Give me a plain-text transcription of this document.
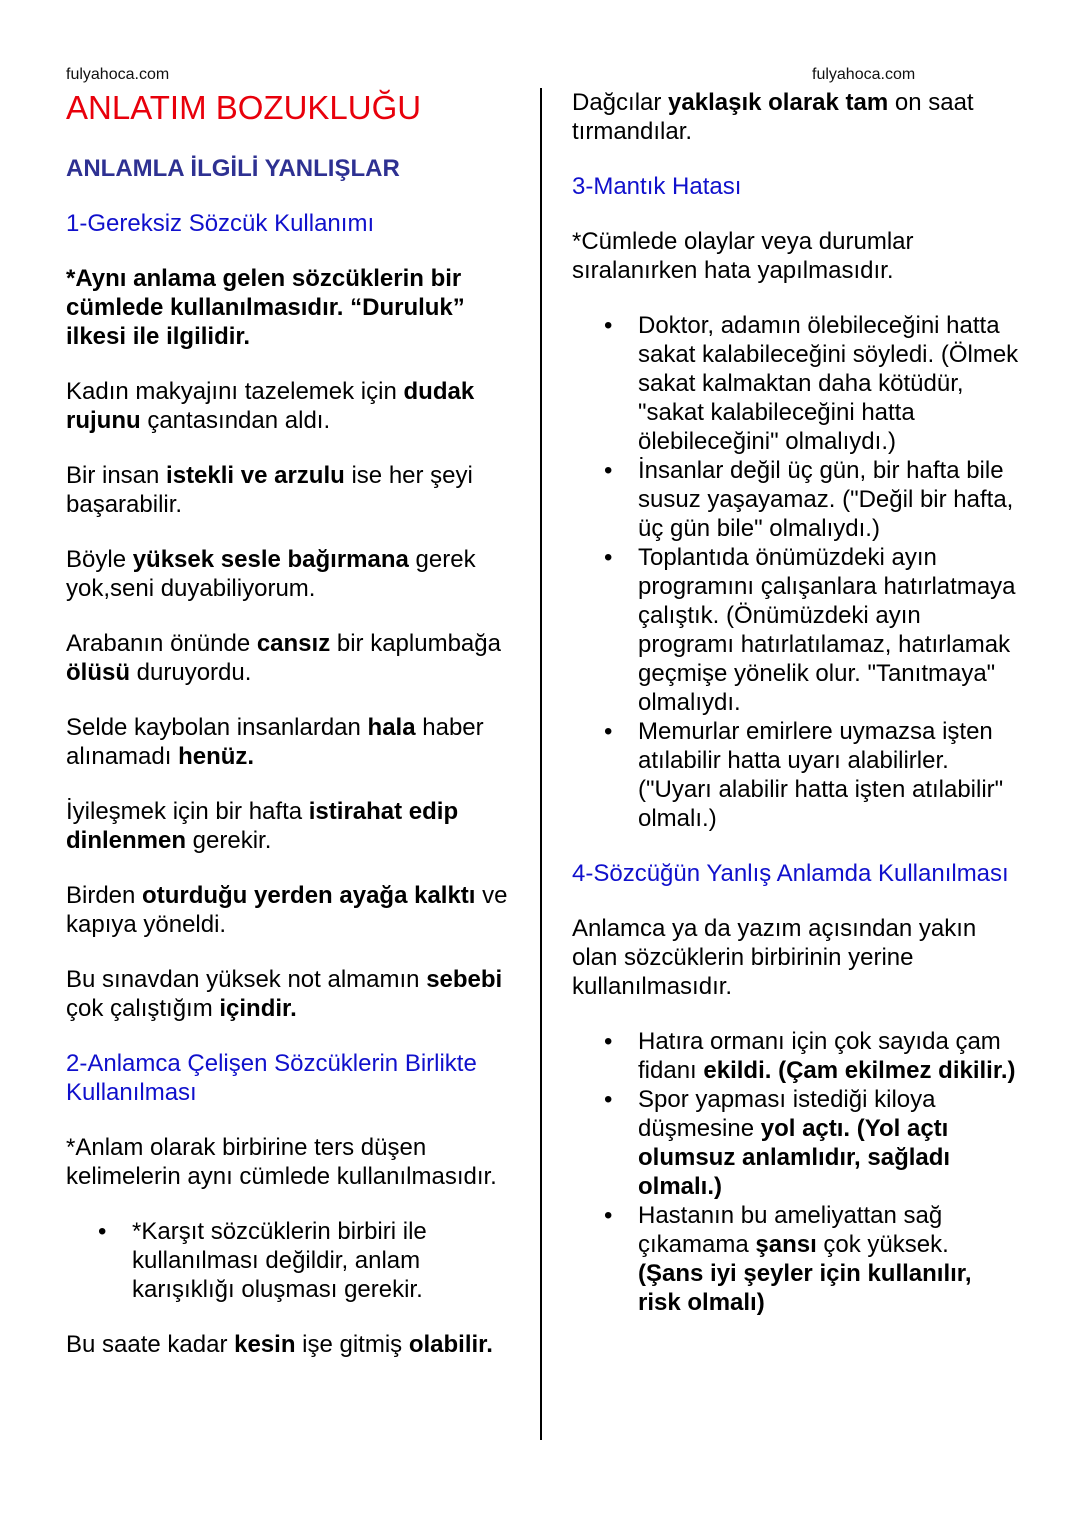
fulyahoca.com	fulyahoca.com
ANLATIM BOZUKLUĞU

ANLAMLA İLGİLİ YANLIŞLAR

1-Gereksiz Sözcük Kullanımı

*Aynı anlama gelen sözcüklerin bir cümlede kullanılmasıdır. “Duruluk” ilkesi ile ilgilidir.

Kadın makyajını tazelemek için dudak rujunu çantasından aldı.

Bir insan istekli ve arzulu ise her şeyi başarabilir.

Böyle yüksek sesle bağırmana gerek yok,seni duyabiliyorum.

Arabanın önünde cansız bir kaplumbağa ölüsü duruyordu.

Selde kaybolan insanlardan hala haber alınamadı henüz.

İyileşmek için bir hafta istirahat edip dinlenmen gerekir.

Birden oturduğu yerden ayağa kalktı ve kapıya yöneldi.

Bu sınavdan yüksek not almamın sebebi çok çalıştığım içindir.

2-Anlamca Çelişen Sözcüklerin Birlikte Kullanılması

*Anlam olarak birbirine ters düşen kelimelerin aynı cümlede kullanılmasıdır.

• *Karşıt sözcüklerin birbiri ile kullanılması değildir, anlam karışıklığı oluşması gerekir.

Bu saate kadar kesin işe gitmiş olabilir.

Dağcılar yaklaşık olarak tam on saat tırmandılar.

3-Mantık Hatası

*Cümlede olaylar veya durumlar sıralanırken hata yapılmasıdır.

• Doktor, adamın ölebileceğini hatta sakat kalabileceğini söyledi. (Ölmek sakat kalmaktan daha kötüdür, "sakat kalabileceğini hatta ölebileceğini" olmalıydı.)
• İnsanlar değil üç gün, bir hafta bile susuz yaşayamaz. ("Değil bir hafta, üç gün bile" olmalıydı.)
• Toplantıda önümüzdeki ayın programını çalışanlara hatırlatmaya çalıştık. (Önümüzdeki ayın programı hatırlatılamaz, hatırlamak geçmişe yönelik olur. "Tanıtmaya" olmalıydı.
• Memurlar emirlere uymazsa işten atılabilir hatta uyarı alabilirler. ("Uyarı alabilir hatta işten atılabilir" olmalı.)

4-Sözcüğün Yanlış Anlamda Kullanılması

Anlamca ya da yazım açısından yakın olan sözcüklerin birbirinin yerine kullanılmasıdır.

• Hatıra ormanı için çok sayıda çam fidanı ekildi. (Çam ekilmez dikilir.)
• Spor yapması istediği kiloya düşmesine yol açtı. (Yol açtı olumsuz anlamlıdır, sağladı olmalı.)
• Hastanın bu ameliyattan sağ çıkamama şansı çok yüksek. (Şans iyi şeyler için kullanılır, risk olmalı)
